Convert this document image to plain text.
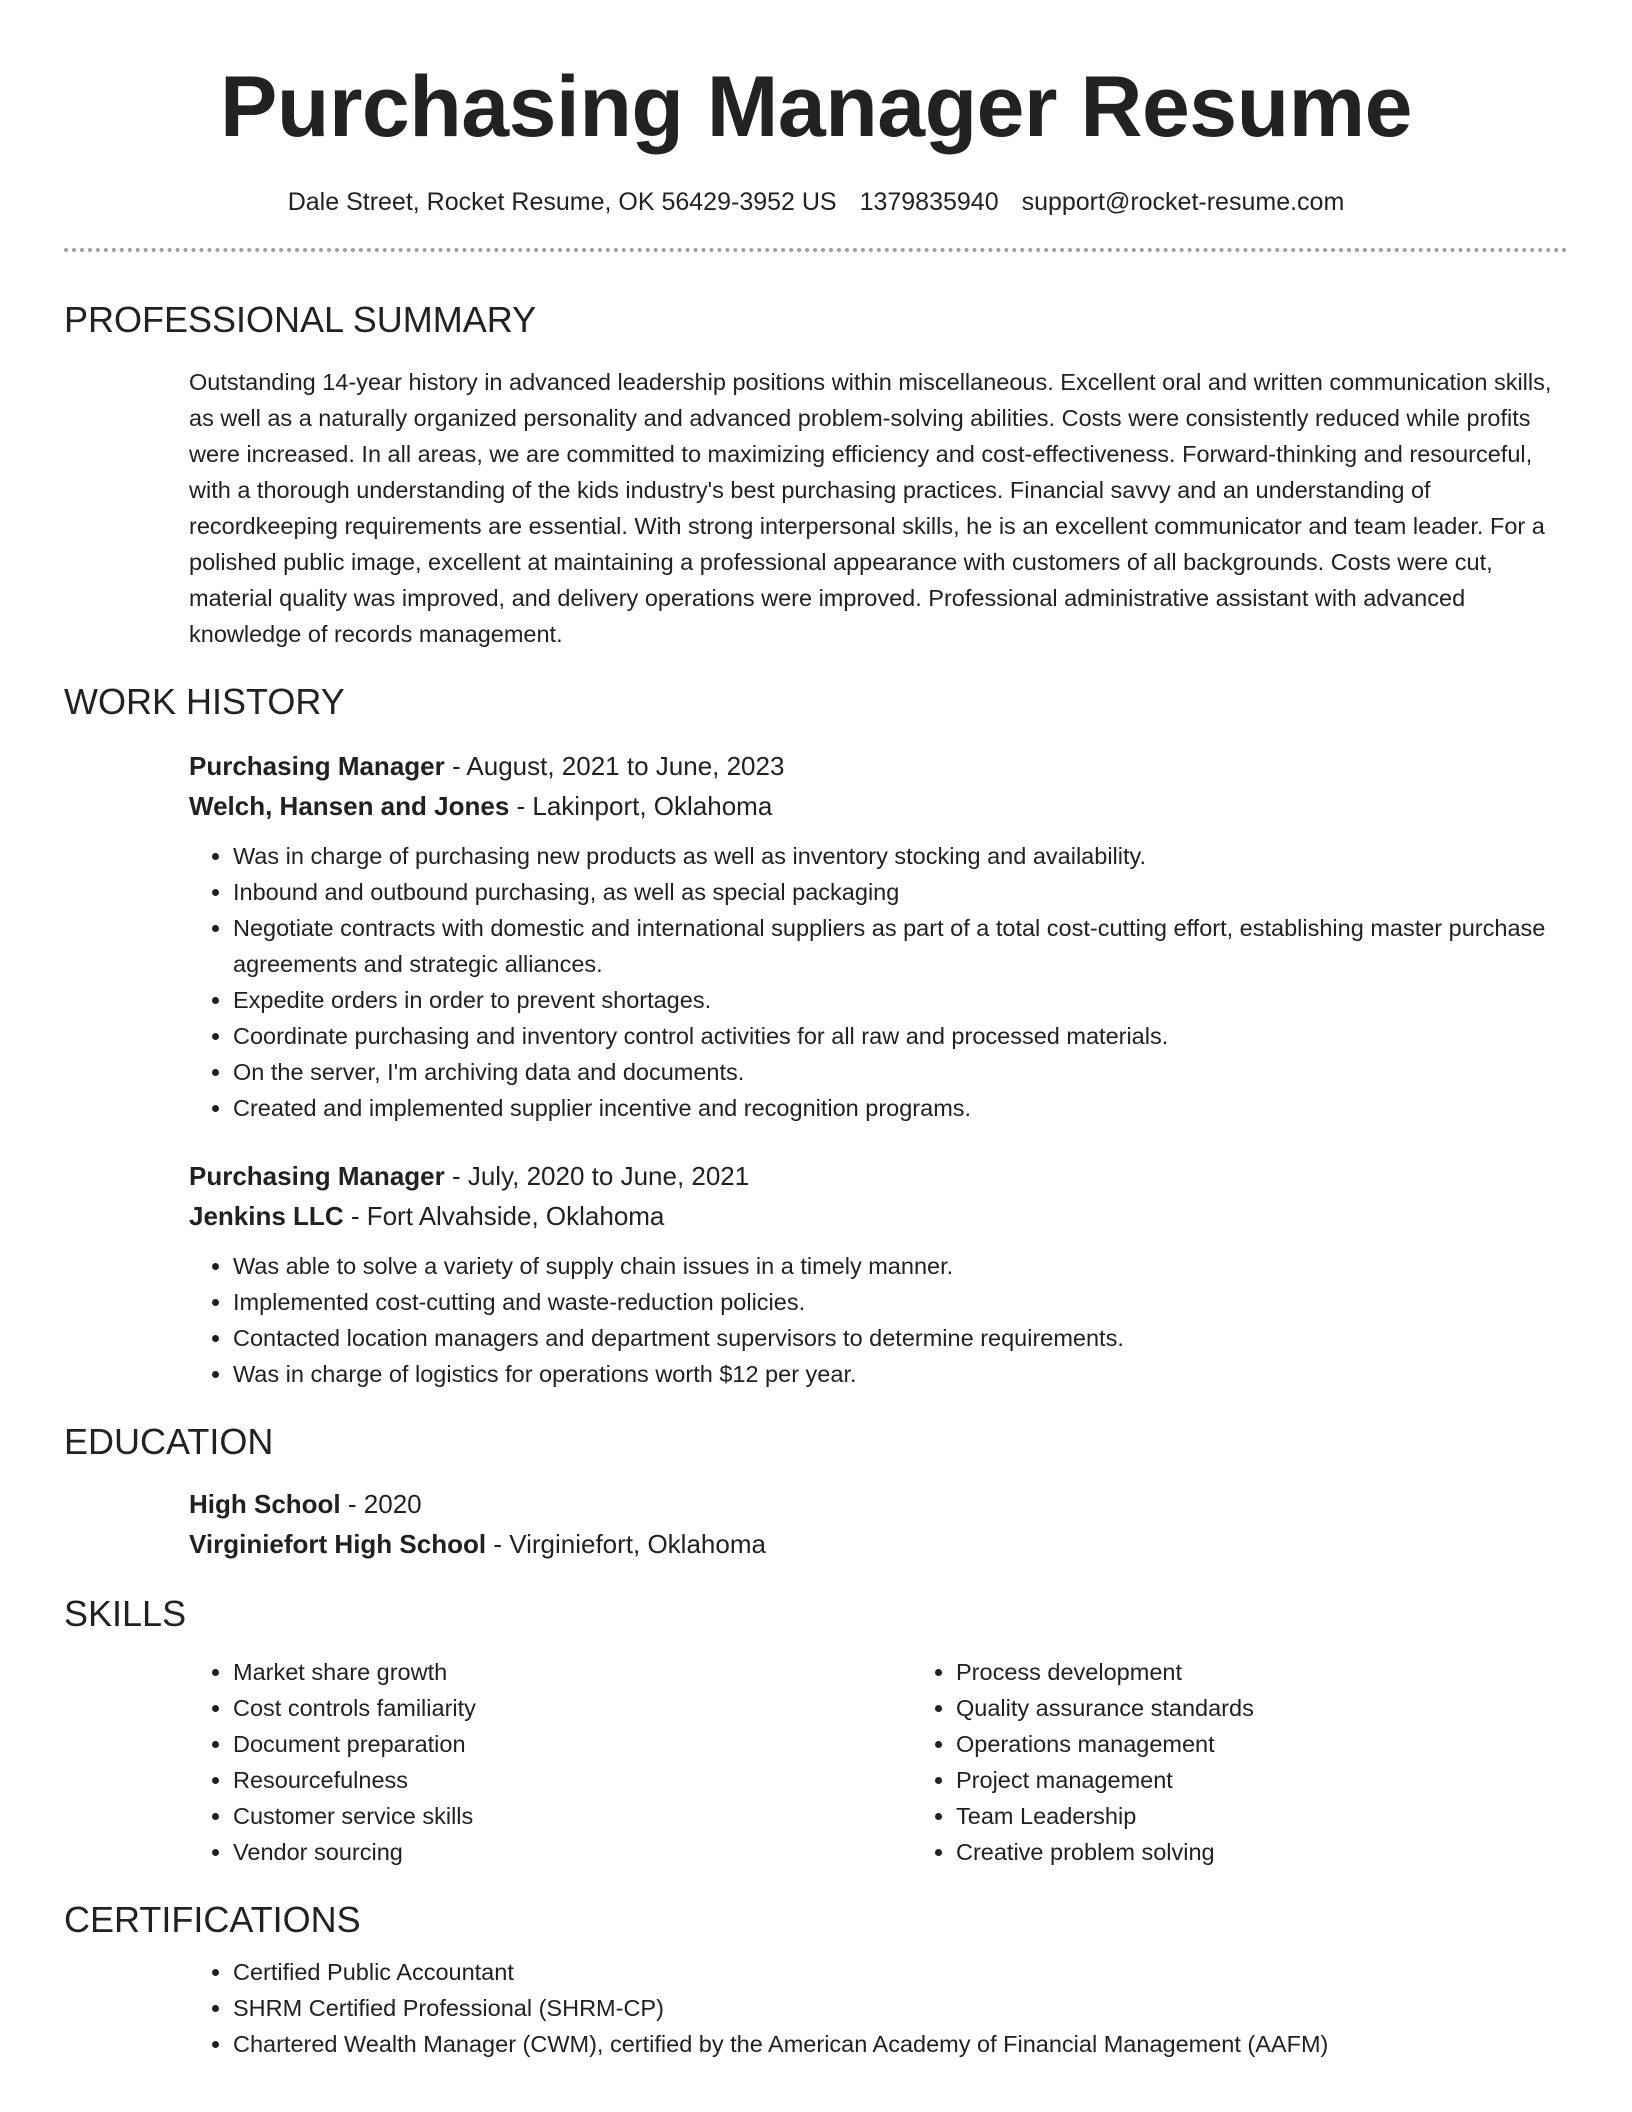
Purchasing Manager Resume
Dale Street, Rocket Resume, OK 56429-3952 US 1379835940 support@rocket-resume.com
PROFESSIONAL SUMMARY
Outstanding 14-year history in advanced leadership positions within miscellaneous. Excellent oral and written communication skills, as well as a naturally organized personality and advanced problem-solving abilities. Costs were consistently reduced while profits were increased. In all areas, we are committed to maximizing efficiency and cost-effectiveness. Forward-thinking and resourceful, with a thorough understanding of the kids industry's best purchasing practices. Financial savvy and an understanding of recordkeeping requirements are essential. With strong interpersonal skills, he is an excellent communicator and team leader. For a polished public image, excellent at maintaining a professional appearance with customers of all backgrounds. Costs were cut, material quality was improved, and delivery operations were improved. Professional administrative assistant with advanced knowledge of records management.
WORK HISTORY
Purchasing Manager - August, 2021 to June, 2023
Welch, Hansen and Jones - Lakinport, Oklahoma
• Was in charge of purchasing new products as well as inventory stocking and availability.
• Inbound and outbound purchasing, as well as special packaging
• Negotiate contracts with domestic and international suppliers as part of a total cost-cutting effort, establishing master purchase agreements and strategic alliances.
• Expedite orders in order to prevent shortages.
• Coordinate purchasing and inventory control activities for all raw and processed materials.
• On the server, I'm archiving data and documents.
• Created and implemented supplier incentive and recognition programs.
Purchasing Manager - July, 2020 to June, 2021
Jenkins LLC - Fort Alvahside, Oklahoma
• Was able to solve a variety of supply chain issues in a timely manner.
• Implemented cost-cutting and waste-reduction policies.
• Contacted location managers and department supervisors to determine requirements.
• Was in charge of logistics for operations worth $12 per year.
EDUCATION
High School - 2020
Virginiefort High School - Virginiefort, Oklahoma
SKILLS
• Market share growth
• Cost controls familiarity
• Document preparation
• Resourcefulness
• Customer service skills
• Vendor sourcing
• Process development
• Quality assurance standards
• Operations management
• Project management
• Team Leadership
• Creative problem solving
CERTIFICATIONS
• Certified Public Accountant
• SHRM Certified Professional (SHRM-CP)
• Chartered Wealth Manager (CWM), certified by the American Academy of Financial Management (AAFM)
